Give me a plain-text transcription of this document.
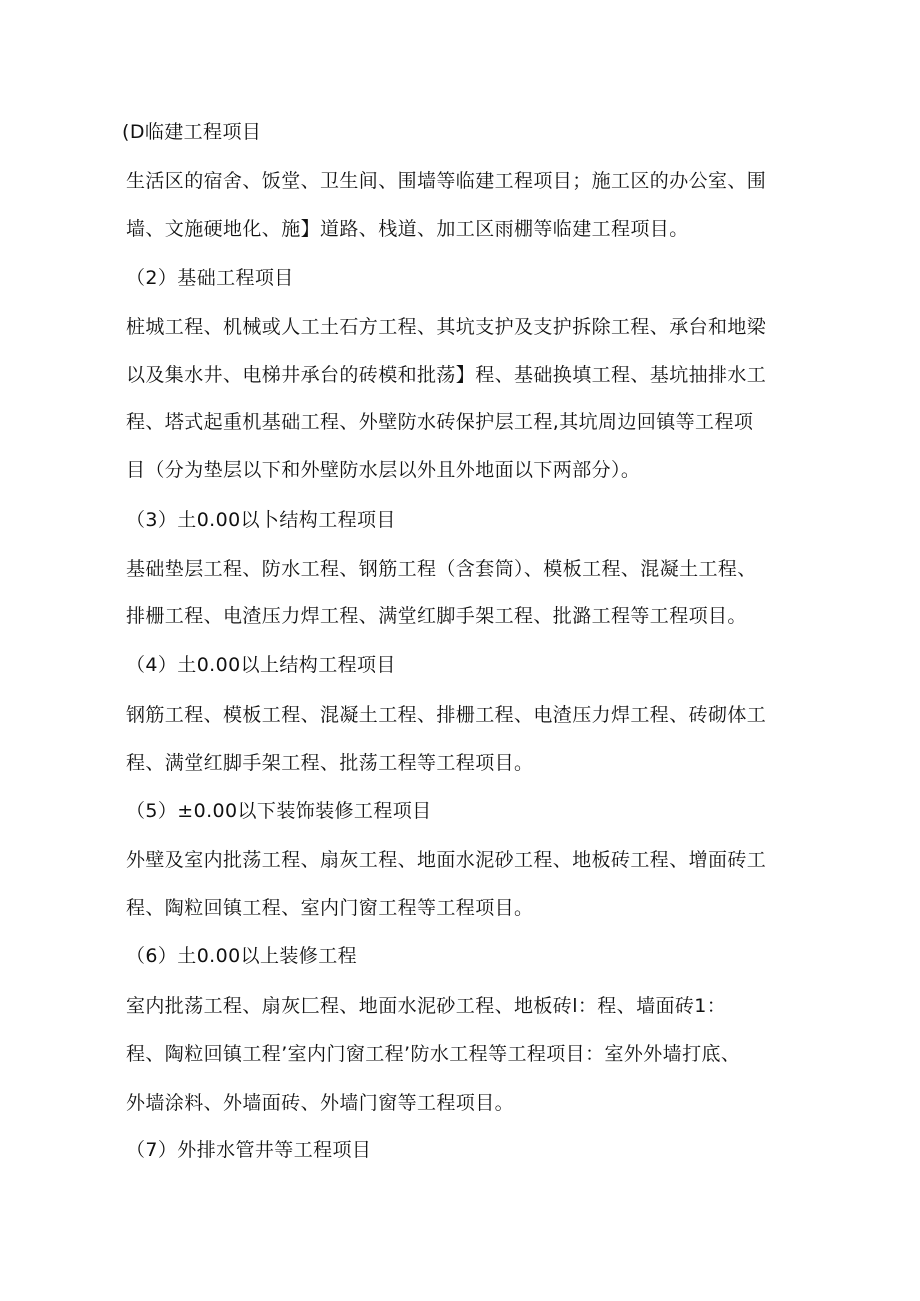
(D临建工程项目
生活区的宿舍、饭堂、卫生间、围墙等临建工程项目；施工区的办公室、围
墙、文施硬地化、施】道路、栈道、加工区雨棚等临建工程项目。
（2）基础工程项目
桩城工程、机械或人工土石方工程、其坑支护及支护拆除工程、承台和地梁
以及集水井、电梯井承台的砖模和批荡】程、基础换填工程、基坑抽排水工
程、塔式起重机基础工程、外壁防水砖保护层工程,其坑周边回镇等工程项
目（分为垫层以下和外壁防水层以外且外地面以下两部分）。
（3）土0.00以卜结构工程项目
基础垫层工程、防水工程、钢筋工程（含套筒）、模板工程、混凝土工程、
排栅工程、电渣压力焊工程、满堂红脚手架工程、批潞工程等工程项目。
（4）土0.00以上结构工程项目
钢筋工程、模板工程、混凝土工程、排栅工程、电渣压力焊工程、砖砌体工
程、满堂红脚手架工程、批荡工程等工程项目。
（5）±0.00以下装饰装修工程项目
外壁及室内批荡工程、扇灰工程、地面水泥砂工程、地板砖工程、增面砖工
程、陶粒回镇工程、室内门窗工程等工程项目。
（6）土0.00以上装修工程
室内批荡工程、扇灰匚程、地面水泥砂工程、地板砖l：程、墙面砖1：
程、陶粒回镇工程’室内门窗工程’防水工程等工程项目：室外外墙打底、
外墙涂料、外墙面砖、外墙门窗等工程项目。
（7）外排水管井等工程项目
